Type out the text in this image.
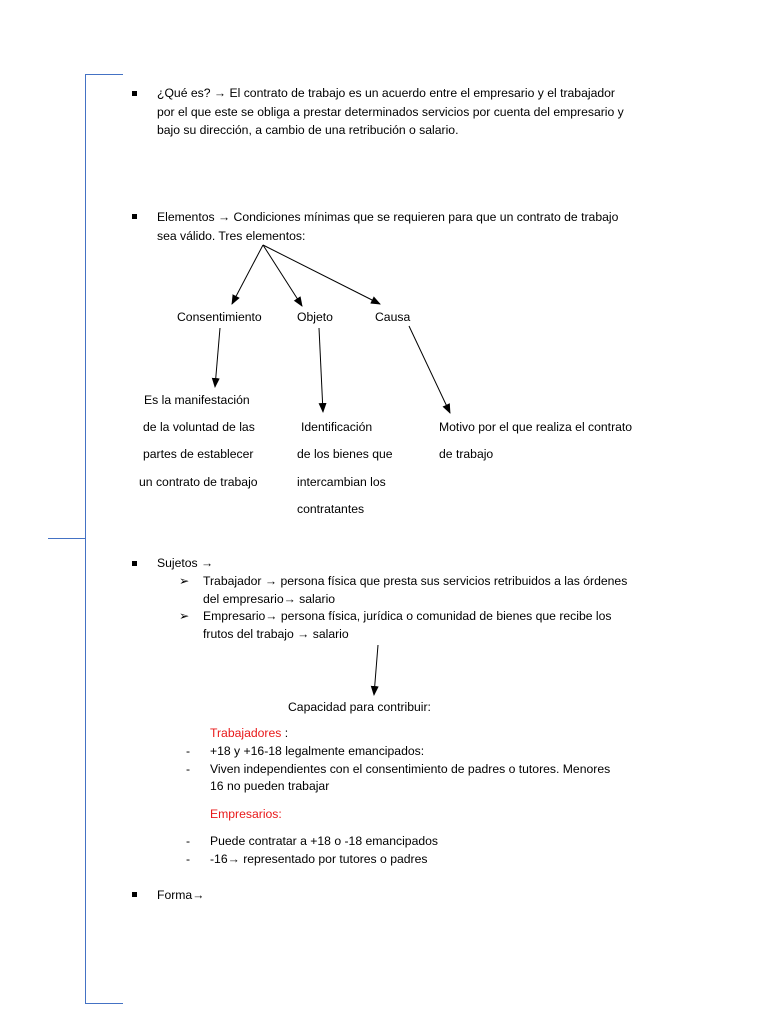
¿Qué es? → El contrato de trabajo es un acuerdo entre el empresario y el trabajador
por el que este se obliga a prestar determinados servicios por cuenta del empresario y
bajo su dirección, a cambio de una retribución o salario.
Elementos → Condiciones mínimas que se requieren para que un contrato de trabajo
sea válido. Tres elementos:
Consentimiento	Objeto	Causa
Es la manifestación
de la voluntad de las
partes de establecer
un contrato de trabajo
Identificación
de los bienes que
intercambian los
contratantes
Motivo por el que realiza el contrato
de trabajo
Sujetos →
➢ Trabajador → persona física que presta sus servicios retribuidos a las órdenes
del empresario→ salario
➢ Empresario→ persona física, jurídica o comunidad de bienes que recibe los
frutos del trabajo → salario
Capacidad para contribuir:
Trabajadores :
- +18 y +16-18 legalmente emancipados:
- Viven independientes con el consentimiento de padres o tutores. Menores
16 no pueden trabajar
Empresarios:
- Puede contratar a +18 o -18 emancipados
- -16→ representado por tutores o padres
Forma→
